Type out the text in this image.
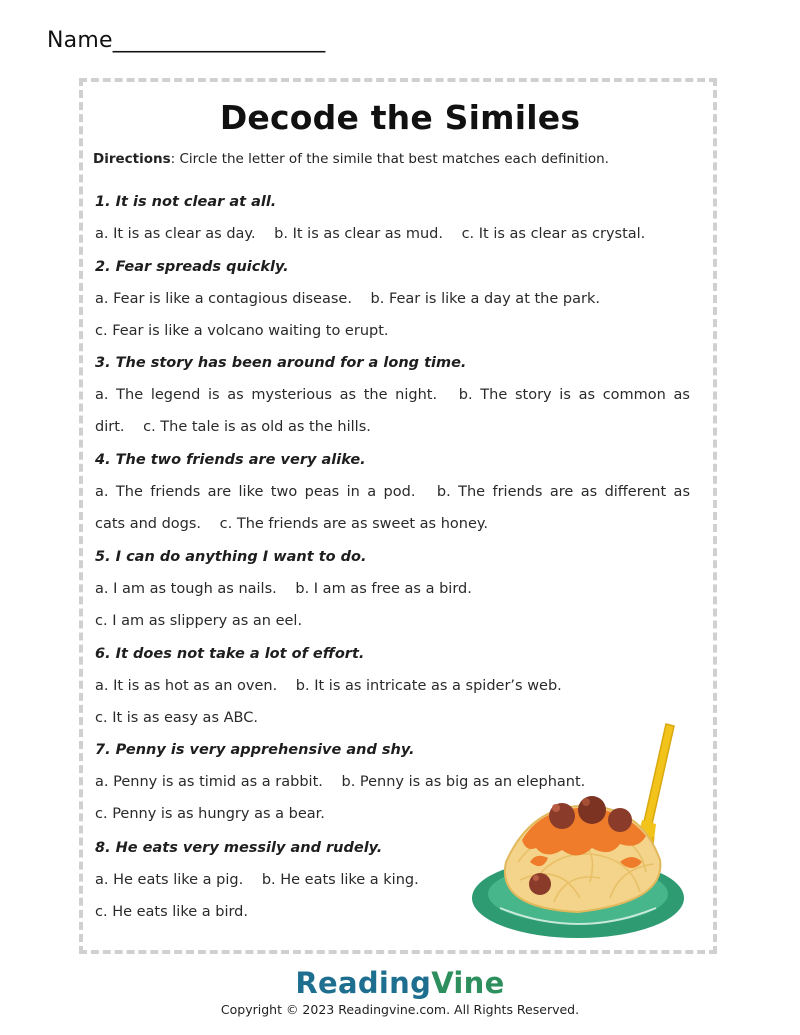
Name___________________
Decode the Similes
Directions: Circle the letter of the simile that best matches each definition.
1. It is not clear at all.
a. It is as clear as day. b. It is as clear as mud. c. It is as clear as crystal.
2. Fear spreads quickly.
a. Fear is like a contagious disease. b. Fear is like a day at the park.
c. Fear is like a volcano waiting to erupt.
3. The story has been around for a long time.
a. The legend is as mysterious as the night. b. The story is as common as
dirt. c. The tale is as old as the hills.
4. The two friends are very alike.
a. The friends are like two peas in a pod. b. The friends are as different as
cats and dogs. c. The friends are as sweet as honey.
5. I can do anything I want to do.
a. I am as tough as nails. b. I am as free as a bird.
c. I am as slippery as an eel.
6. It does not take a lot of effort.
a. It is as hot as an oven. b. It is as intricate as a spider’s web.
c. It is as easy as ABC.
7. Penny is very apprehensive and shy.
a. Penny is as timid as a rabbit. b. Penny is as big as an elephant.
c. Penny is as hungry as a bear.
8. He eats very messily and rudely.
a. He eats like a pig. b. He eats like a king.
c. He eats like a bird.
ReadingVine
Copyright © 2023 Readingvine.com. All Rights Reserved.
